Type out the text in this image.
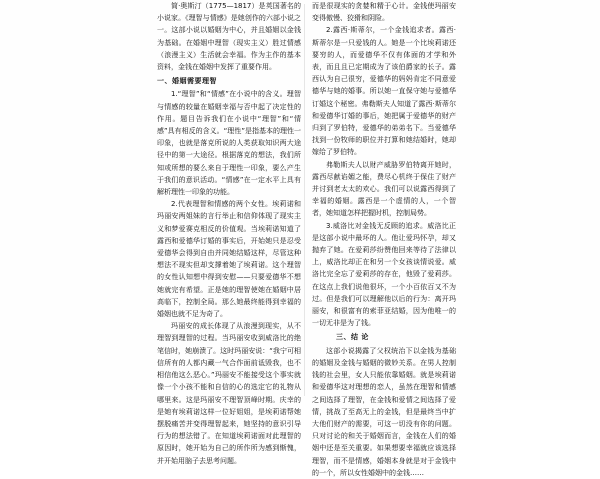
简·奥斯汀（1775—1817）是英国著名的小说家。《理智与情感》是她创作的六部小说之一。这部小说以婚姻为中心，并且婚姻以金钱为基础。在婚姻中理智（现实主义）胜过情感（浪漫主义）生活就会幸福。作为主作的基本资料，金钱在婚姻中发挥了重要作用。

一、婚姻需要理智

1.“理智”和“情感”在小说中的含义。理智与情感的较量在婚姻幸福与否中起了决定性的作用。题目告诉我们在小说中“理智”和“情感”具有相反的含义。“理性”是指基本的理性一印象，也就是落克所说的人类获取知识两大途径中的第一大途径。根据落克的想法，我们所知或所想的要么来自于理性一印象，要么产生于我们的意识活动。“情感”在一定水平上具有解析理性一印象的功能。

2.代表理智和情感的两个女性。埃莉诺和玛丽安两姐妹的言行举止和信仰体现了现实主义和梦爱赛克相反的价值观。当埃莉诺知道了露西和爱德华订婚的事实后，开始她只是忍受爱德华会得到自由并同她结婚这样，尽管这种想法不现实但却支撑着她了埃莉诺。这个理智的女性认知想中得到安慰——只要爱德华不想她就完有希望。正是她的理智使她在婚姻中居高临下，控制全局。那么她最终能得到幸福的婚姻也就不足为奇了。

玛丽安的成长体现了从浪漫到现实，从不理智到理智的过程。当玛丽安收到威洛比的绝笔信时，她崩溃了。这时玛丽安说：“我宁可相信所有的人都内藏一气合作面前诋毁我，也不相信他这么恶心。”玛丽安不能接受这个事实就像一个小孩不能和自信的心的选定它的礼物从哪里来。这是玛丽安不理智顶峰时期。庆幸的是她有埃莉诺这样一位好姐姐，是埃莉诺帮她摆脱痛苦并变得理智起来，她坚持的意识引导行为的想法错了。在知道埃莉诺面对此理智的原因时，她开始为自己的所作所为感到惭愧，并开始用脑子去思考问题。

而是很现实的贪婪和精于心计。金钱使玛丽安变得傲慢、狡猾和阴险。

2.露西·斯蒂尔，一个金钱追求者。露西·斯蒂尔是一只爱钱的人。她是一个比埃莉诺还要穷的人，而爱德华不仅有体面的才学和外表，而且且已定期成为了该伯爵家的长子。露西认为自己很穷，爱德华的妈妈肯定不同意爱德华与她的婚事。所以她一直保守她与爱德华订婚这个秘密。弗勒斯夫人知道了露西·斯蒂尔和爱德华订婚的事后，她把属于爱德华的财产归到了罗伯特，爱德华的弟弟名下。当爱德华找到一份牧师的职位并打算和她结婚时，她却嫁给了罗伯特。

弗勒斯夫人以财产威胁罗伯特离开她时，露西尽献谄媚之能，费尽心机终于保住了财产并讨到老太太的欢心。我们可以说露西得到了幸福的婚姻。露西是一个虚情的人，一个智者，她知道怎样把握时机，控制局势。

3.威洛比对金钱无反顾的追求。威洛比正是这部小说中最坏的人。他让爱玛怀孕，却又抛弃了她。在爱莉莎纷赞他回来等待了法律以上，威洛比却正在和另一个女孩谈情说爱。威洛比完全忘了爱莉莎的存在，他毁了爱莉莎。在这点上我们说他很坏，一个小百依百又不为过。但是我们可以理解他以后的行为：离开玛丽安，和很富有的索菲亚结婚，因为他唯一的一切无非是为了钱。

三、结 论

这部小说揭露了父权统治下以金钱为基础的婚姻及金钱与婚姻的微妙关系。在男人控制钱的社会里，女人只能依靠婚姻。就是埃莉诺和爱德华这对理想的恋人，虽然在理智和情感之间选择了理智，在金钱和爱情之间选择了爱情，挑战了至高无上的金钱，但是最终当中扩大他们财产的需要，可这一切没有你的问题。只对讨论的和关于婚姻而言，金钱在人们的婚姻中还是至关重要。如果想要幸福就应该选择理智，而不是情感，婚姻本身就是对于金钱中的一个，所以女性婚姻中的金钱……
